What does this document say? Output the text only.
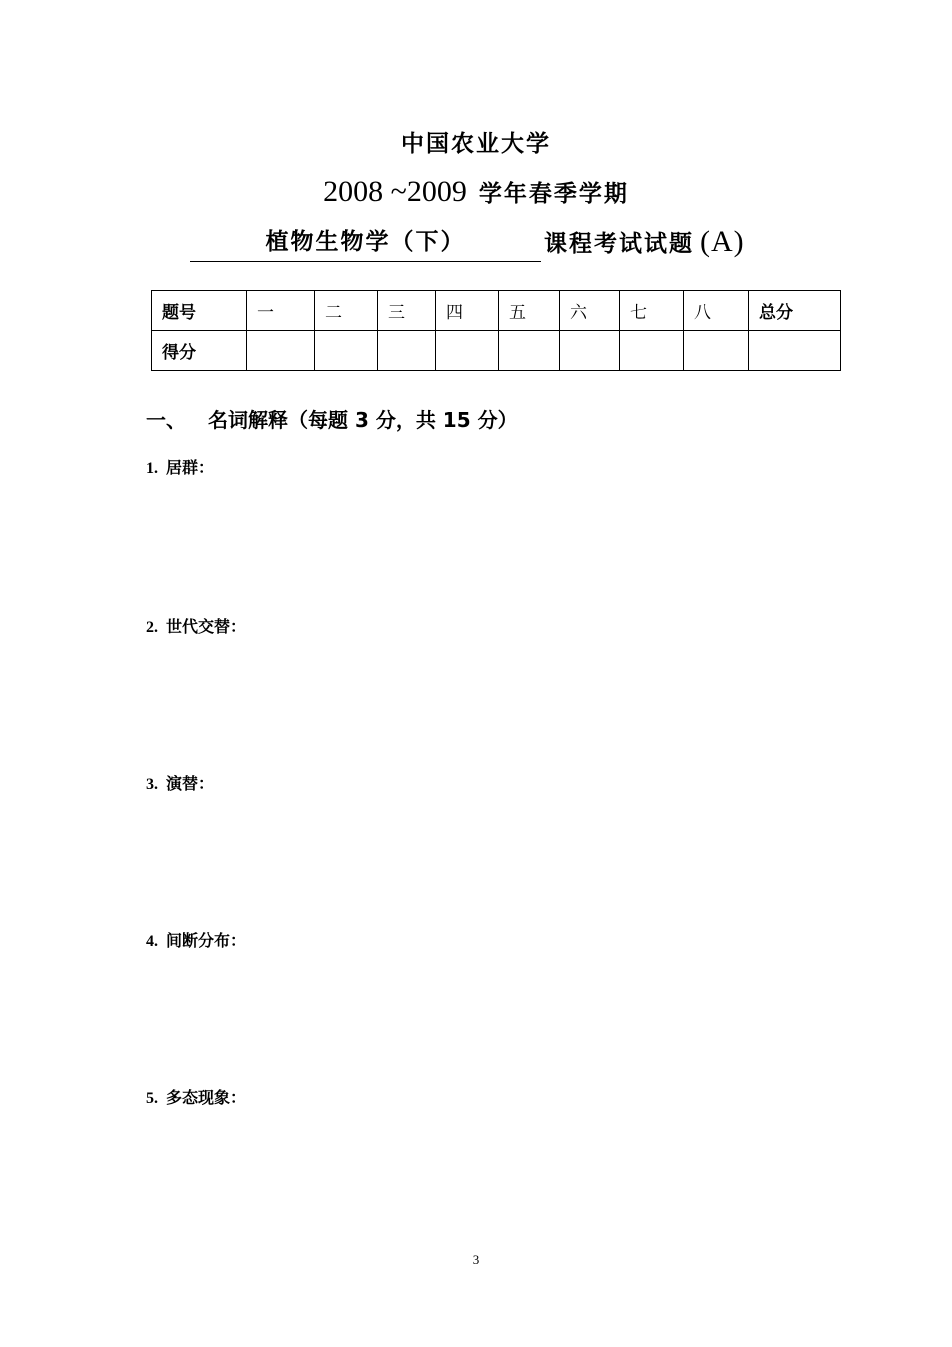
中国农业大学
2008 ~2009 学年春季学期
植物生物学（下）	课程考试试题 (A)
题号	一	二	三	四	五	六	七	八	总分
得分									
一、 名词解释（每题 3 分，共 15 分）
1. 居群：
2. 世代交替：
3. 演替：
4. 间断分布：
5. 多态现象：
3
